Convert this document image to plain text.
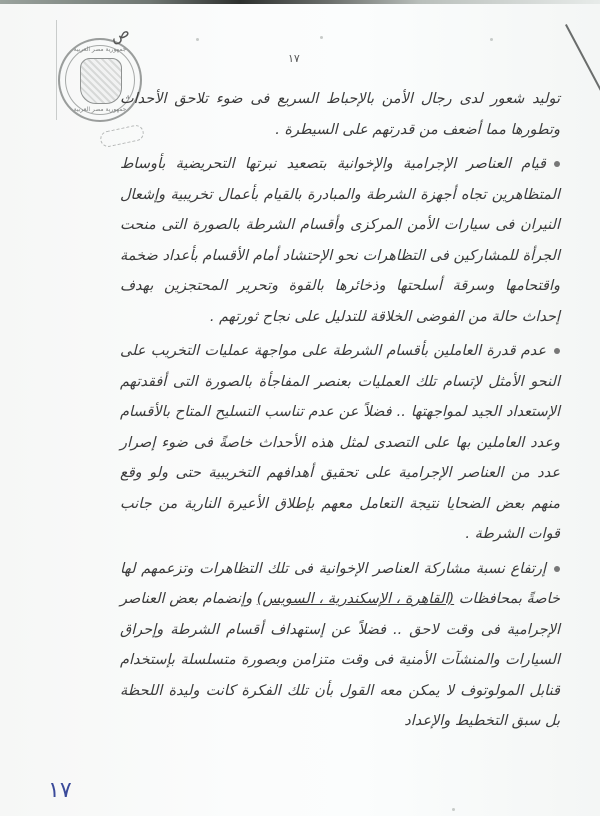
جمهورية مصر العربية
جمهورية مصر العربية
ص
١٧

توليد شعور لدى رجال الأمن بالإحباط السريع فى ضوء تلاحق الأحداث وتطورها مما أضعف من قدرتهم على السيطرة .

قيام العناصر الإجرامية والإخوانية بتصعيد نبرتها التحريضية بأوساط المتظاهرين تجاه أجهزة الشرطة والمبادرة بالقيام بأعمال تخريبية وإشعال النيران فى سيارات الأمن المركزى وأقسام الشرطة بالصورة التى منحت الجرأة للمشاركين فى التظاهرات نحو الإحتشاد أمام الأقسام بأعداد ضخمة واقتحامها وسرقة أسلحتها وذخائرها بالقوة وتحرير المحتجزين بهدف إحداث حالة من الفوضى الخلاقة للتدليل على نجاح ثورتهم .
عدم قدرة العاملين بأقسام الشرطة على مواجهة عمليات التخريب على النحو الأمثل لإتسام تلك العمليات بعنصر المفاجأة بالصورة التى أفقدتهم الإستعداد الجيد لمواجهتها .. فضلاً عن عدم تناسب التسليح المتاح بالأقسام وعدد العاملين بها على التصدى لمثل هذه الأحداث خاصةً فى ضوء إصرار عدد من العناصر الإجرامية على تحقيق أهدافهم التخريبية حتى ولو وقع منهم بعض الضحايا نتيجة التعامل معهم بإطلاق الأعيرة النارية من جانب قوات الشرطة .
إرتفاع نسبة مشاركة العناصر الإخوانية فى تلك التظاهرات وتزعمهم لها خاصةً بمحافظات (القاهرة ، الإسكندرية ، السويس) وإنضمام بعض العناصر الإجرامية فى وقت لاحق .. فضلاً عن إستهداف أقسام الشرطة وإحراق السيارات والمنشآت الأمنية فى وقت متزامن وبصورة متسلسلة بإستخدام قنابل المولوتوف لا يمكن معه القول بأن تلك الفكرة كانت وليدة اللحظة بل سبق التخطيط والإعداد
١٧
